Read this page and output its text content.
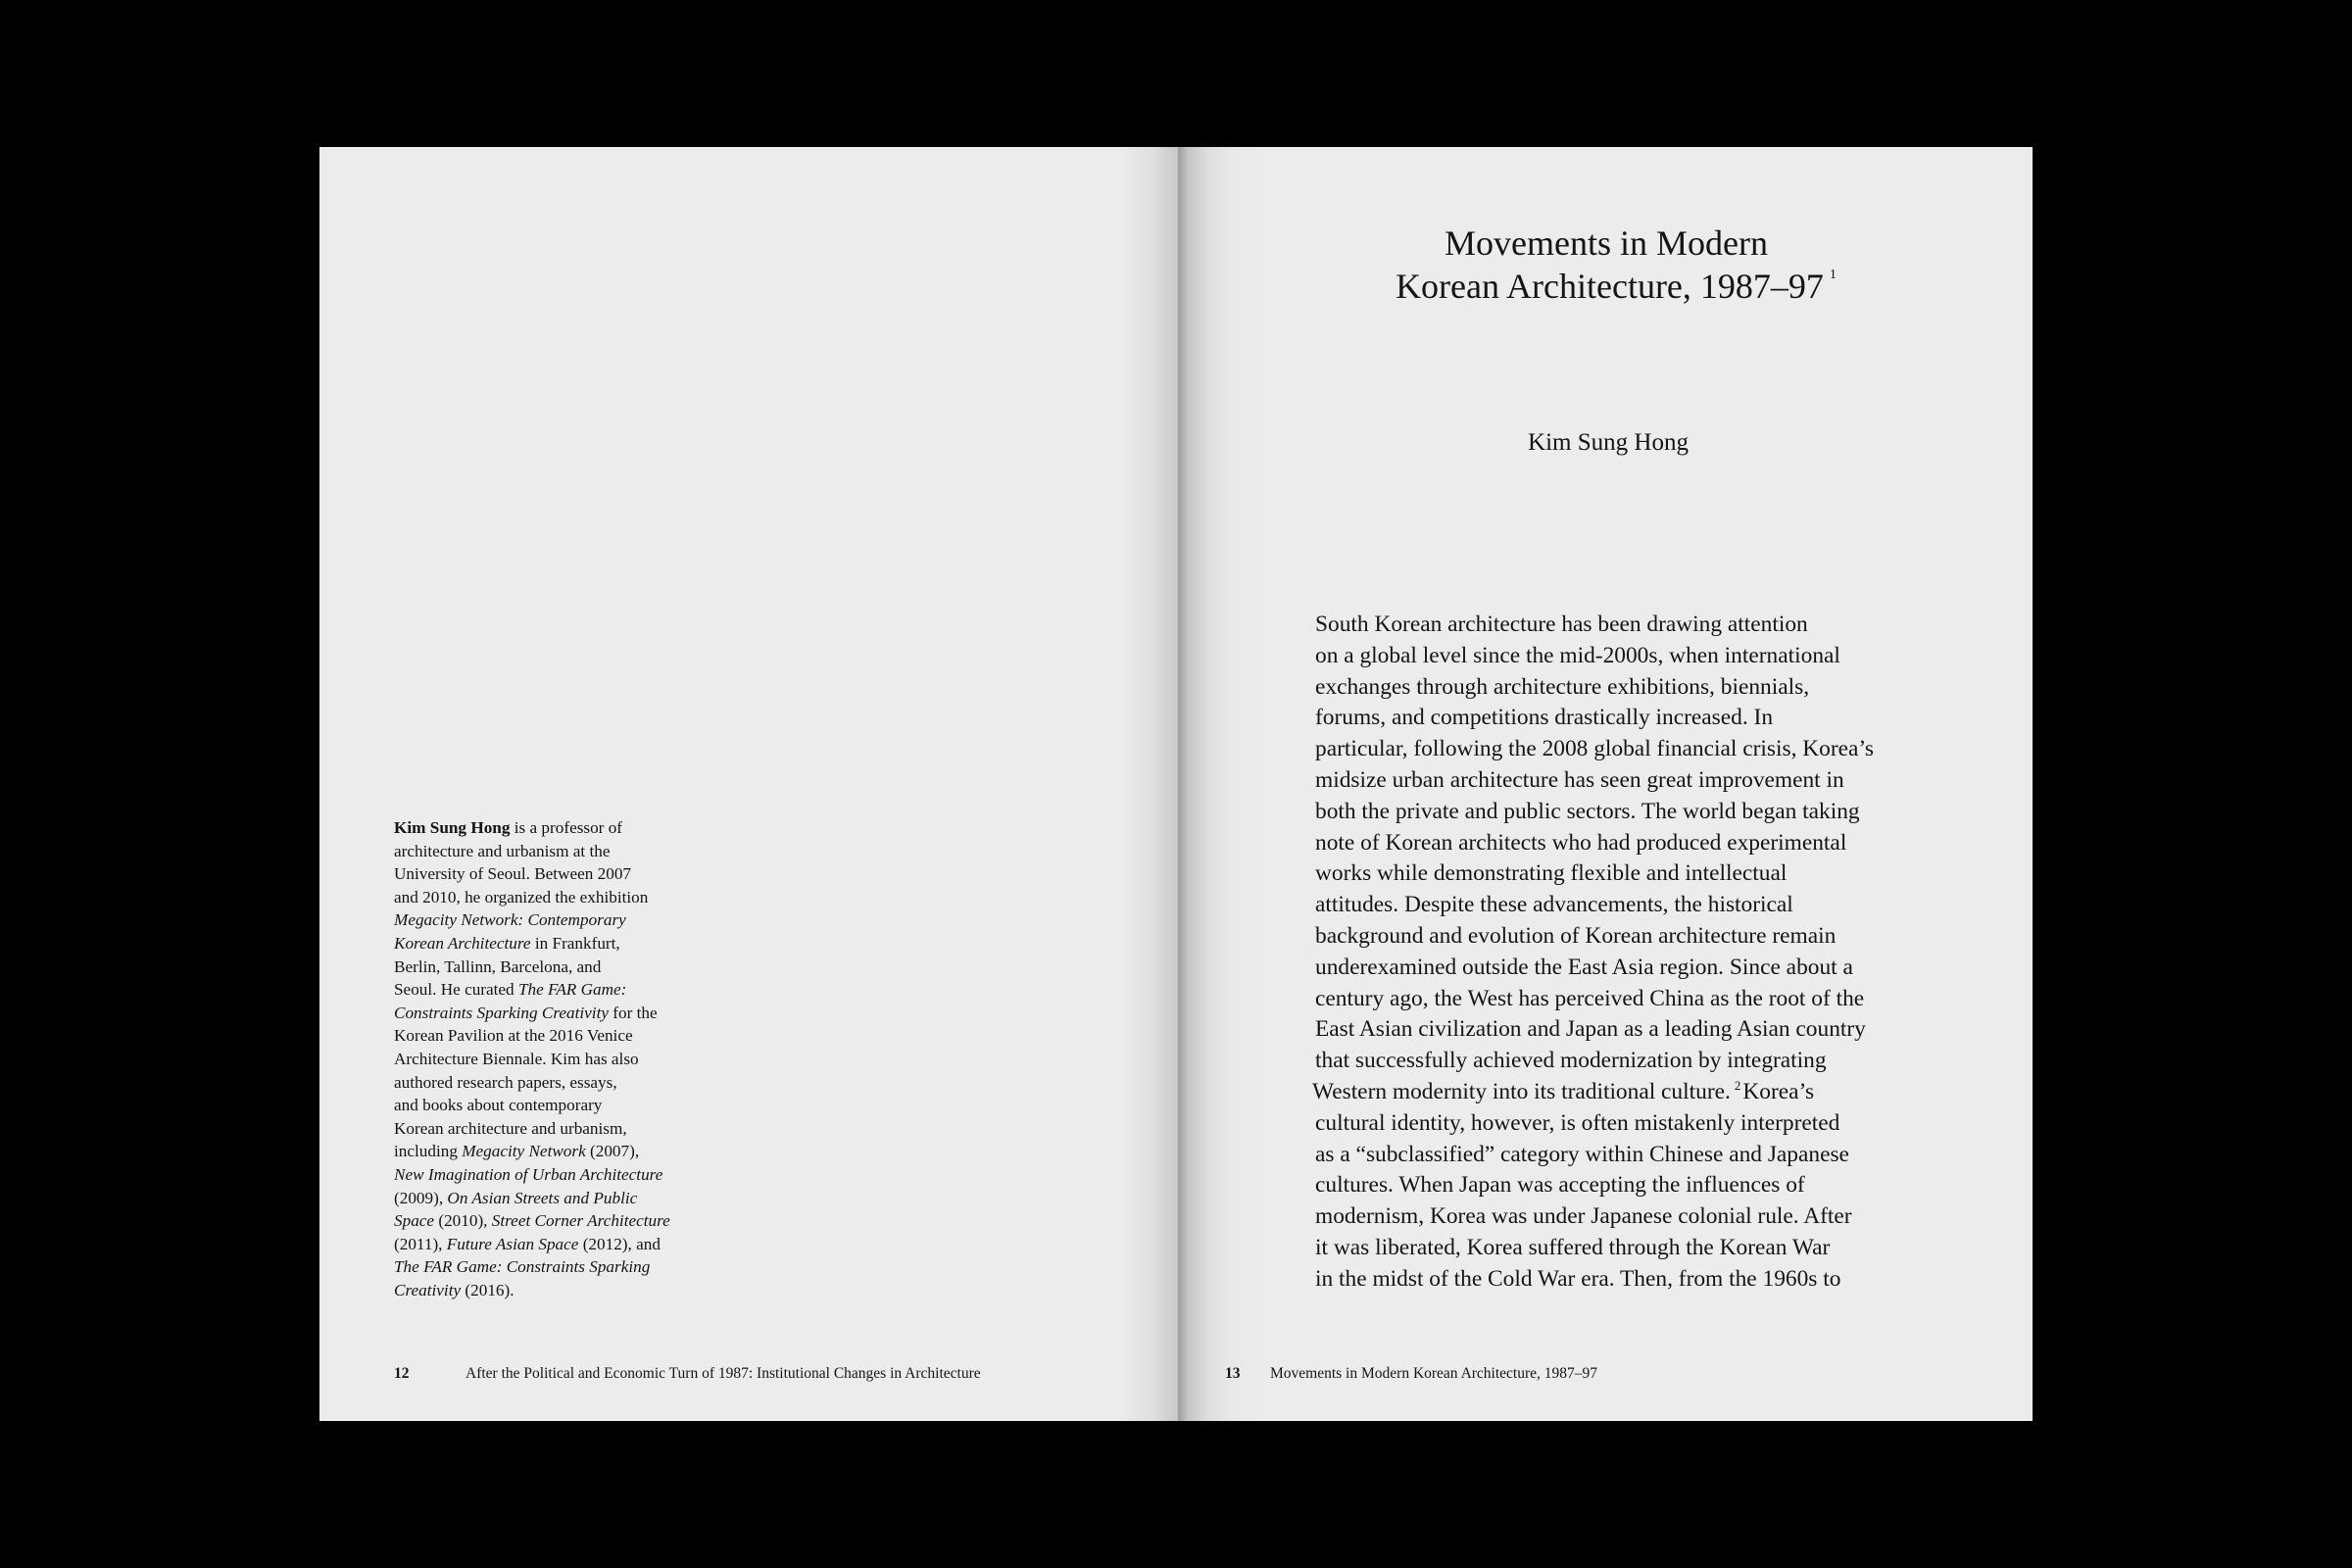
Kim Sung Hong is a professor of
architecture and urbanism at the
University of Seoul. Between 2007
and 2010, he organized the exhibition
Megacity Network: Contemporary
Korean Architecture in Frankfurt,
Berlin, Tallinn, Barcelona, and
Seoul. He curated The FAR Game:
Constraints Sparking Creativity for the
Korean Pavilion at the 2016 Venice
Architecture Biennale. Kim has also
authored research papers, essays,
and books about contemporary
Korean architecture and urbanism,
including Megacity Network (2007),
New Imagination of Urban Architecture
(2009), On Asian Streets and Public
Space (2010), Street Corner Architecture
(2011), Future Asian Space (2012), and
The FAR Game: Constraints Sparking
Creativity (2016).
12	After the Political and Economic Turn of 1987: Institutional Changes in Architecture
Movements in Modern
Korean Architecture, 1987–97 $^1$
Kim Sung Hong
South Korean architecture has been drawing attention
on a global level since the mid-2000s, when international
exchanges through architecture exhibitions, biennials,
forums, and competitions drastically increased. In
particular, following the 2008 global financial crisis, Korea’s
midsize urban architecture has seen great improvement in
both the private and public sectors. The world began taking
note of Korean architects who had produced experimental
works while demonstrating flexible and intellectual
attitudes. Despite these advancements, the historical
background and evolution of Korean architecture remain
underexamined outside the East Asia region. Since about a
century ago, the West has perceived China as the root of the
East Asian civilization and Japan as a leading Asian country
that successfully achieved modernization by integrating
Western modernity into its traditional culture. $^2$Korea’s
cultural identity, however, is often mistakenly interpreted
as a “subclassified” category within Chinese and Japanese
cultures. When Japan was accepting the influences of
modernism, Korea was under Japanese colonial rule. After
it was liberated, Korea suffered through the Korean War
in the midst of the Cold War era. Then, from the 1960s to
13 Movements in Modern Korean Architecture, 1987–97
